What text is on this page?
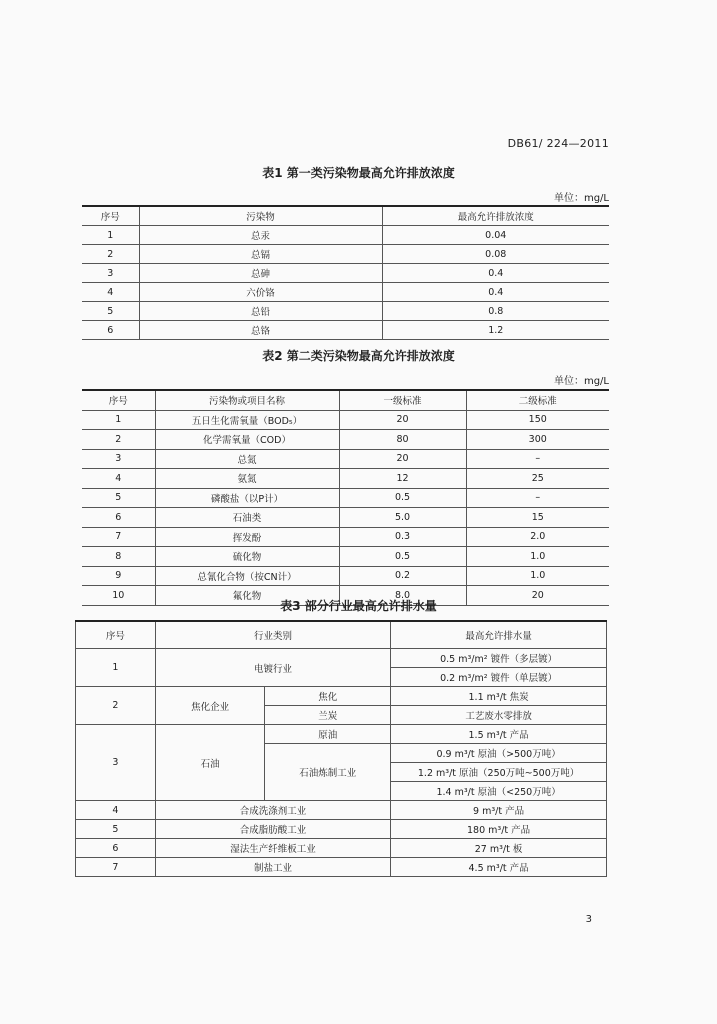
DB61/ 224—2011
表1 第一类污染物最高允许排放浓度
单位：mg/L
序号	污染物	最高允许排放浓度
1	总汞	0.04
2	总镉	0.08
3	总砷	0.4
4	六价铬	0.4
5	总铅	0.8
6	总铬	1.2
表2 第二类污染物最高允许排放浓度
单位：mg/L
序号	污染物或项目名称	一级标准	二级标准
1	五日生化需氧量（BOD₅）	20	150
2	化学需氧量（COD）	80	300
3	总氮	20	–
4	氨氮	12	25
5	磷酸盐（以P计）	0.5	–
6	石油类	5.0	15
7	挥发酚	0.3	2.0
8	硫化物	0.5	1.0
9	总氰化合物（按CN计）	0.2	1.0
10	氟化物	8.0	20
表3 部分行业最高允许排水量
序号	行业类别		最高允许排水量
1	电镀行业		0.5 m³/m² 镀件（多层镀）
			0.2 m³/m² 镀件（单层镀）
2	焦化企业	焦化	1.1 m³/t 焦炭
		兰炭	工艺废水零排放
3	石油	原油	1.5 m³/t 产品
		石油炼制工业	0.9 m³/t 原油（>500万吨）
			1.2 m³/t 原油（250万吨~500万吨）
			1.4 m³/t 原油（<250万吨）
4	合成洗涤剂工业		9 m³/t 产品
5	合成脂肪酸工业		180 m³/t 产品
6	湿法生产纤维板工业		27 m³/t 板
7	制盐工业		4.5 m³/t 产品
3
